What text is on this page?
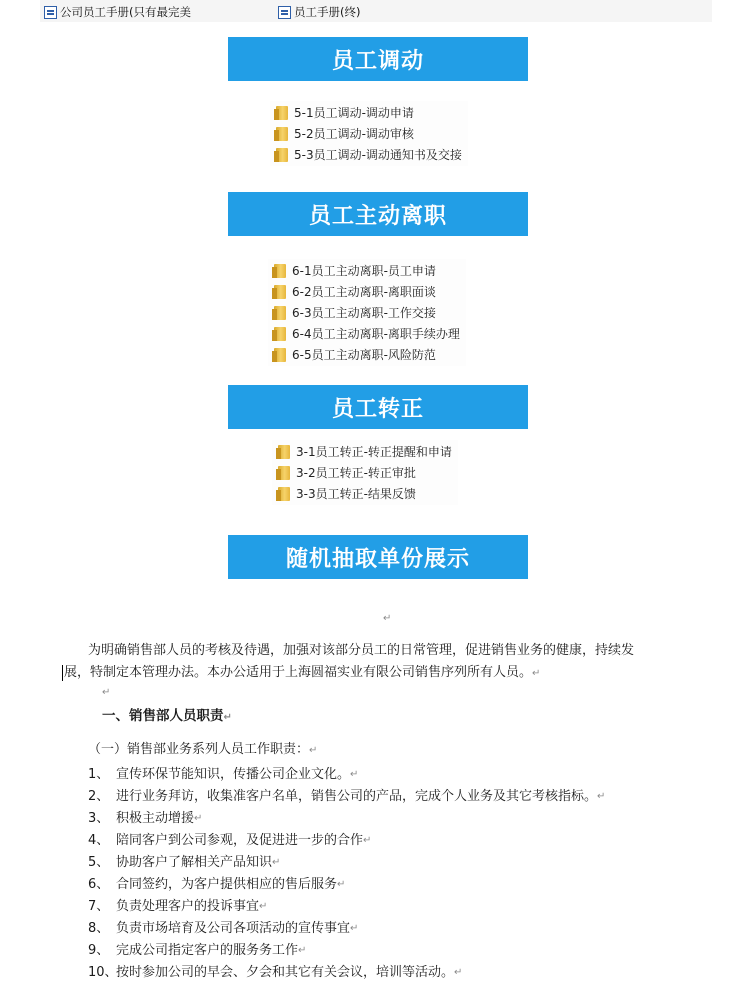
公司员工手册(只有最完美	员工手册(终)
员工调动
5-1员工调动-调动申请
5-2员工调动-调动审核
5-3员工调动-调动通知书及交接
员工主动离职
6-1员工主动离职-员工申请
6-2员工主动离职-离职面谈
6-3员工主动离职-工作交接
6-4员工主动离职-离职手续办理
6-5员工主动离职-风险防范
员工转正
3-1员工转正-转正提醒和申请
3-2员工转正-转正审批
3-3员工转正-结果反馈
随机抽取单份展示
↵

为明确销售部人员的考核及待遇，加强对该部分员工的日常管理，促进销售业务的健康，持续发

展，特制定本管理办法。本办公适用于上海圆福实业有限公司销售序列所有人员。↵

↵

一、销售部人员职责↵

（一）销售部业务系列人员工作职责：↵

1、 宣传环保节能知识，传播公司企业文化。 ↵
2、 进行业务拜访，收集准客户名单，销售公司的产品，完成个人业务及其它考核指标。 ↵
3、 积极主动增援 ↵
4、 陪同客户到公司参观，及促进进一步的合作 ↵
5、 协助客户了解相关产品知识 ↵
6、 合同签约，为客户提供相应的售后服务 ↵
7、 负责处理客户的投诉事宜 ↵
8、 负责市场培育及公司各项活动的宣传事宜 ↵
9、 完成公司指定客户的服务务工作 ↵
10、
按时参加公司的早会、夕会和其它有关会议，培训等活动。 ↵
